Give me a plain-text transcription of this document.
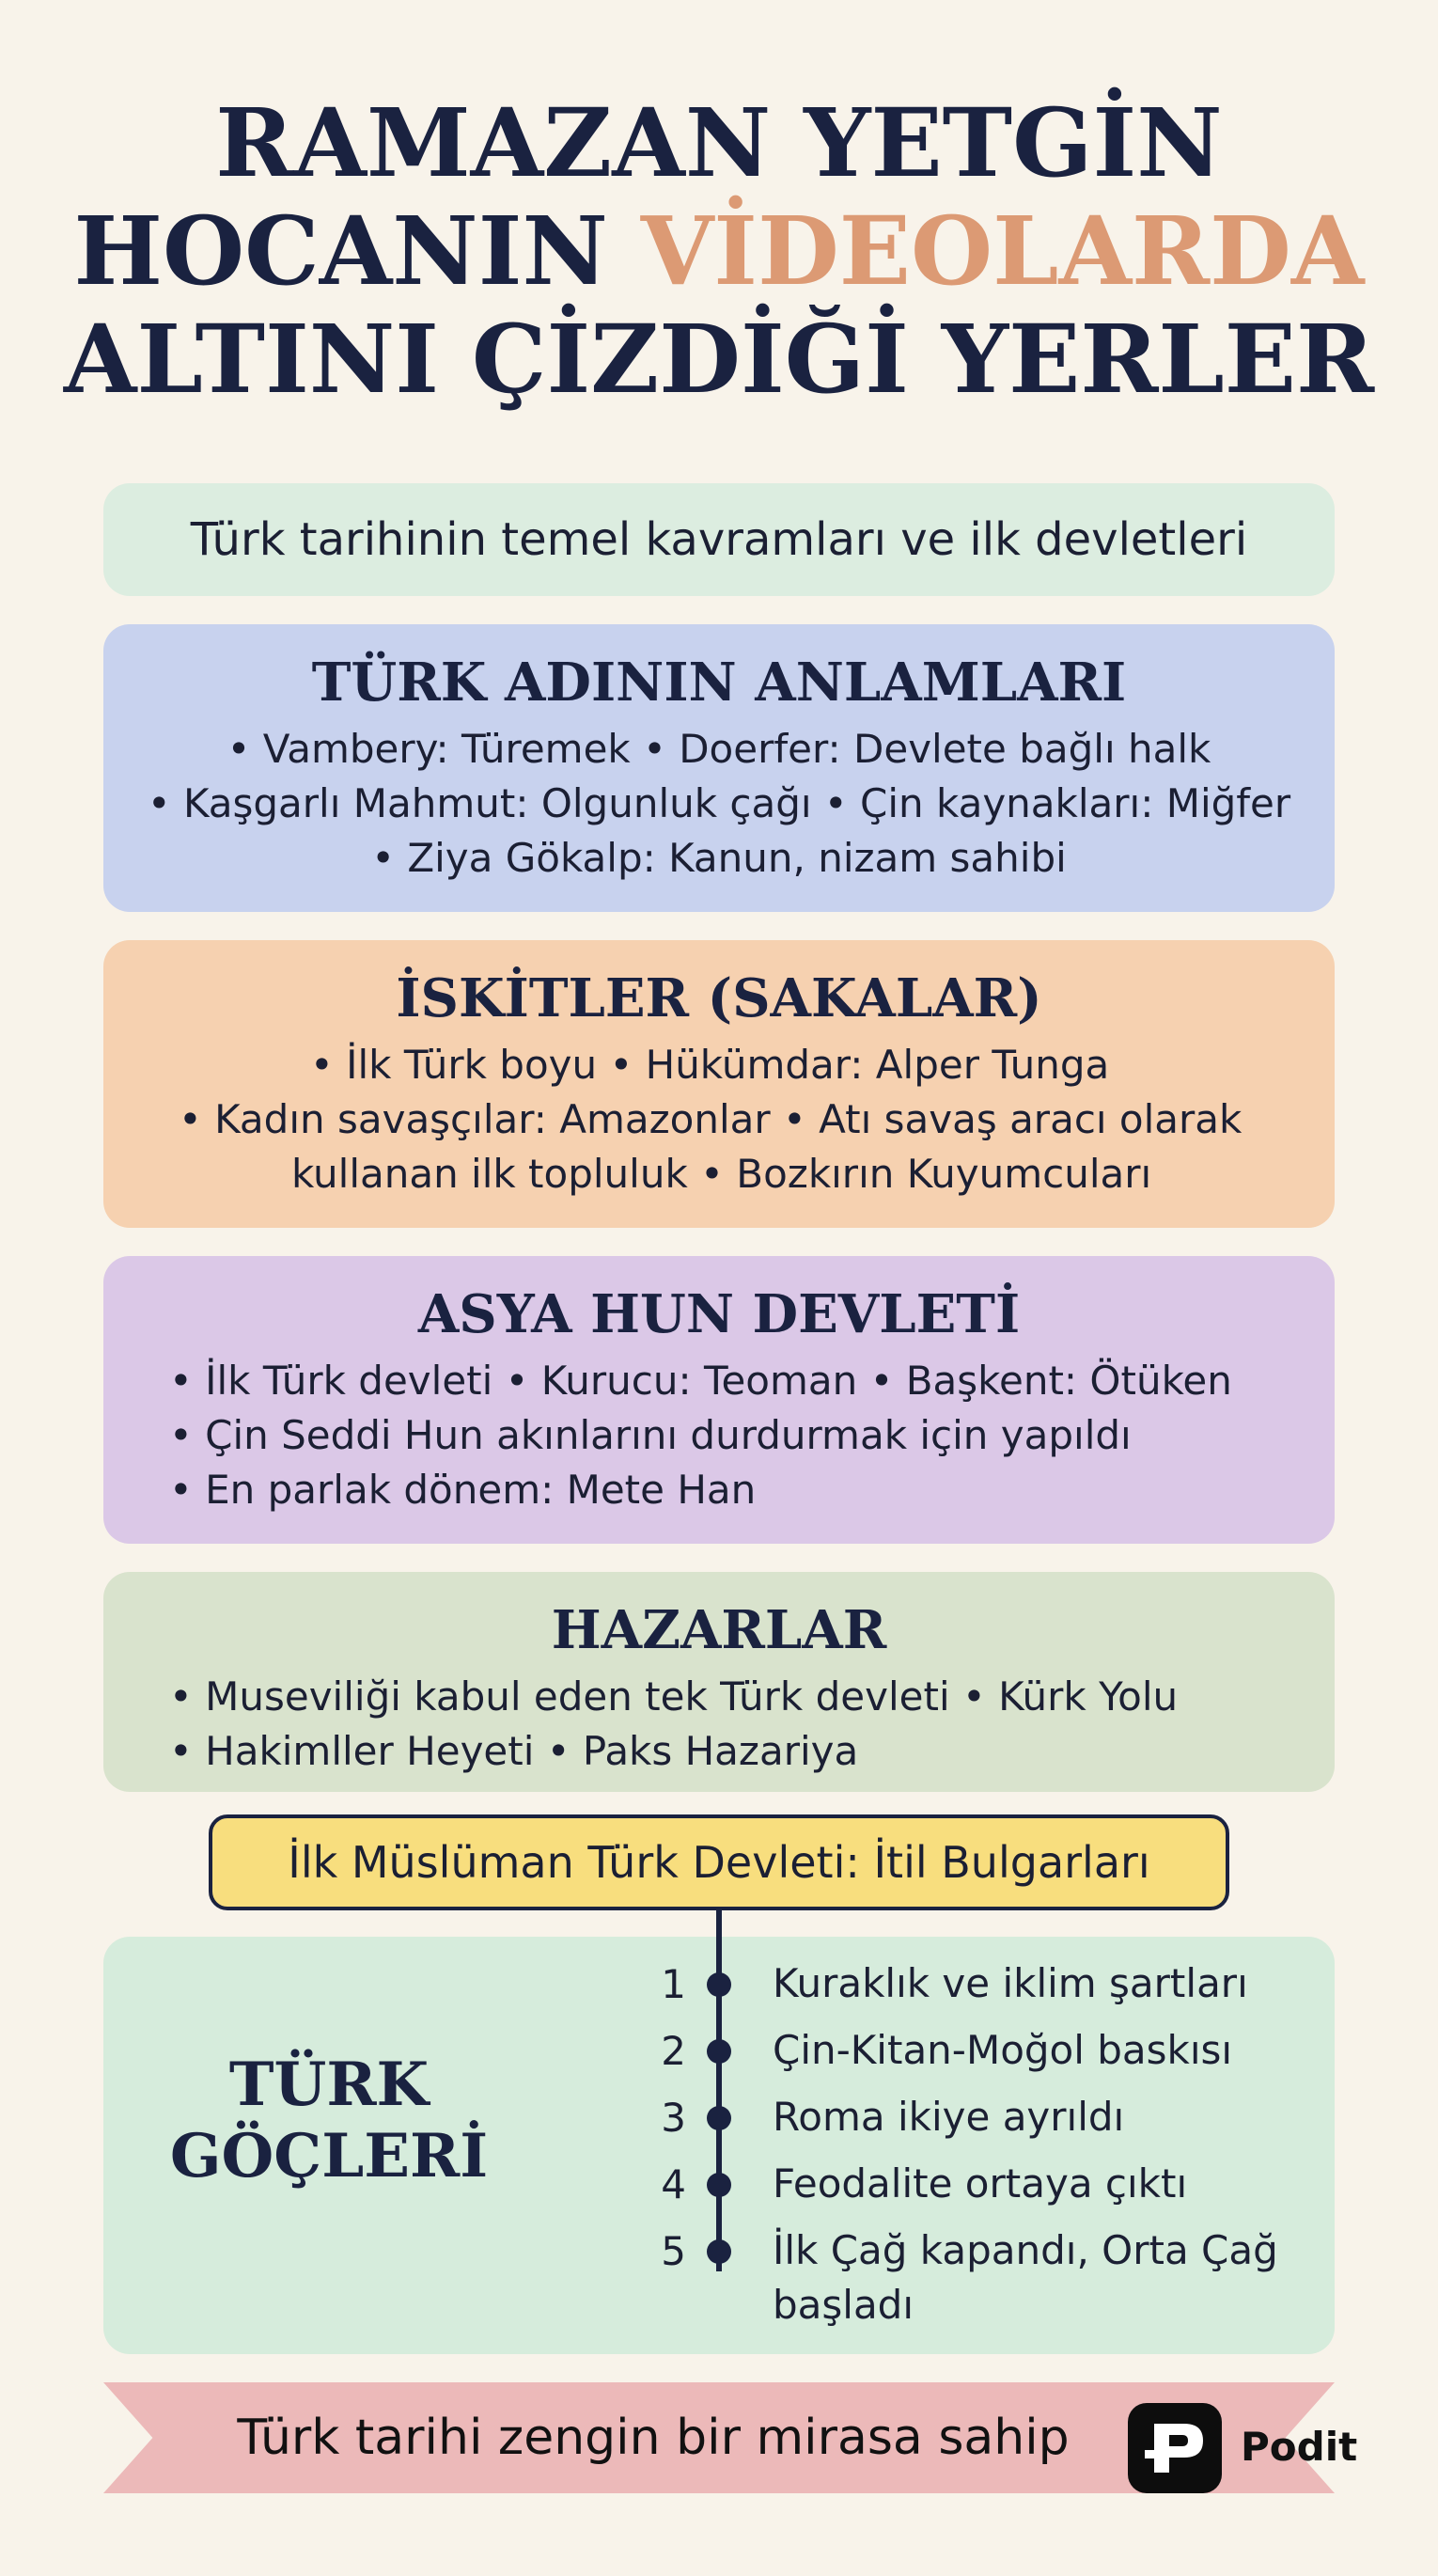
RAMAZAN YETGİN
HOCANIN VİDEOLARDA
ALTINI ÇİZDİĞİ YERLER
Türk tarihinin temel kavramları ve ilk devletleri
TÜRK ADININ ANLAMLARI
• Vambery: Türemek • Doerfer: Devlete bağlı halk
• Kaşgarlı Mahmut: Olgunluk çağı • Çin kaynakları: Miğfer
• Ziya Gökalp: Kanun, nizam sahibi
İSKİTLER (SAKALAR)
• İlk Türk boyu • Hükümdar: Alper Tunga
• Kadın savaşçılar: Amazonlar • Atı savaş aracı olarak
kullanan ilk topluluk • Bozkırın Kuyumcuları
ASYA HUN DEVLETİ
• İlk Türk devleti • Kurucu: Teoman • Başkent: Ötüken
• Çin Seddi Hun akınlarını durdurmak için yapıldı
• En parlak dönem: Mete Han
HAZARLAR
• Museviliği kabul eden tek Türk devleti • Kürk Yolu
• Hakimller Heyeti • Paks Hazariya
TÜRK
GÖÇLERİ
İlk Müslüman Türk Devleti: İtil Bulgarları
1 Kuraklık ve iklim şartları
2 Çin-Kitan-Moğol baskısı
3 Roma ikiye ayrıldı
4 Feodalite ortaya çıktı
5 İlk Çağ kapandı, Orta Çağ başladı
Türk tarihi zengin bir mirasa sahip	Podit
